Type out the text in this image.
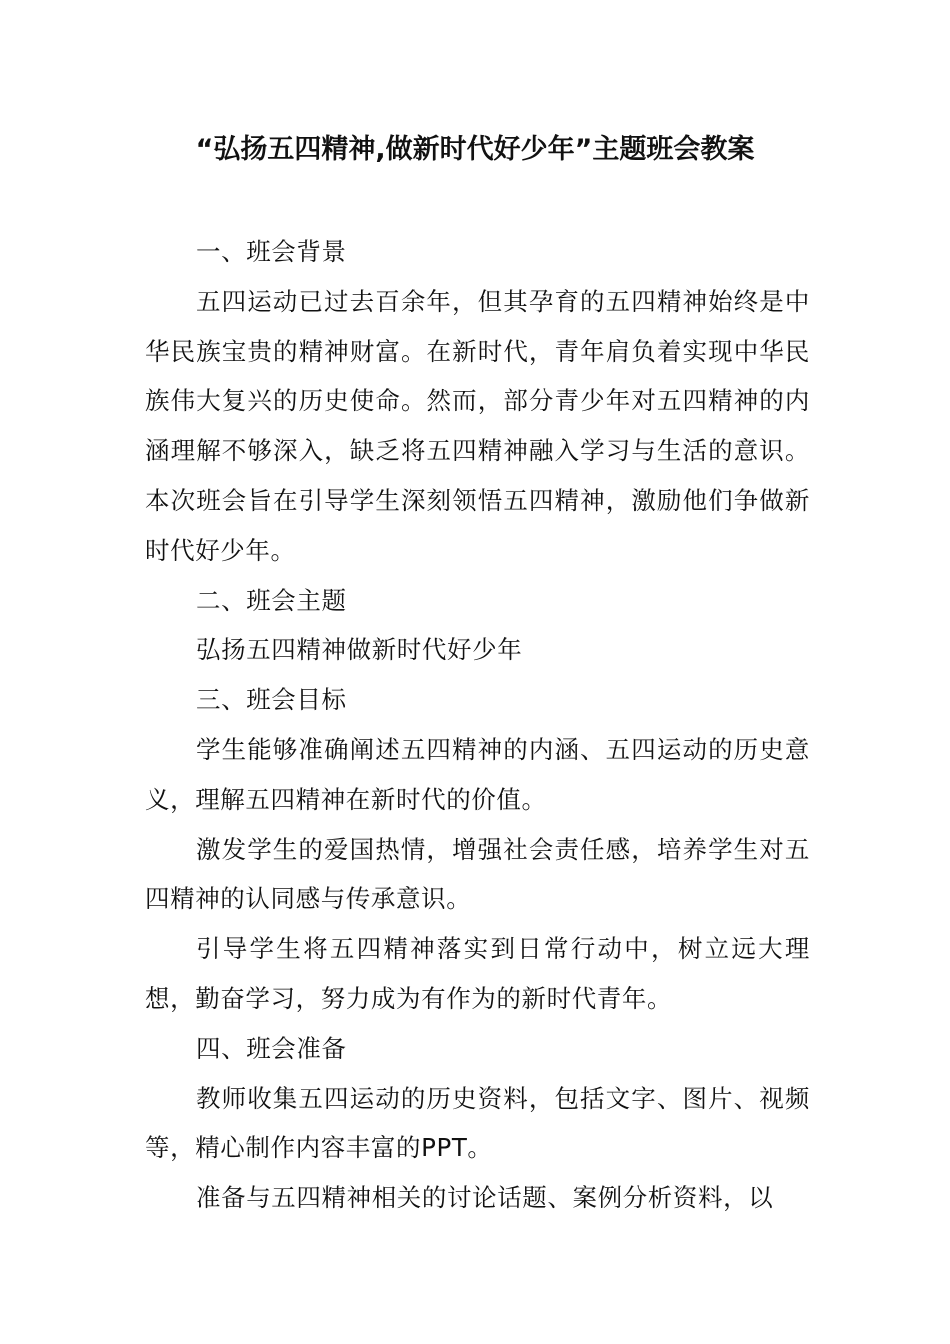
“弘扬五四精神,做新时代好少年”主题班会教案

一、班会背景

五四运动已过去百余年，但其孕育的五四精神始终是中华民族宝贵的精神财富。在新时代，青年肩负着实现中华民族伟大复兴的历史使命。然而，部分青少年对五四精神的内涵理解不够深入，缺乏将五四精神融入学习与生活的意识。本次班会旨在引导学生深刻领悟五四精神，激励他们争做新时代好少年。

二、班会主题

弘扬五四精神做新时代好少年

三、班会目标

学生能够准确阐述五四精神的内涵、五四运动的历史意义，理解五四精神在新时代的价值。

激发学生的爱国热情，增强社会责任感，培养学生对五四精神的认同感与传承意识。

引导学生将五四精神落实到日常行动中，树立远大理想，勤奋学习，努力成为有作为的新时代青年。

四、班会准备

教师收集五四运动的历史资料，包括文字、图片、视频等，精心制作内容丰富的PPT。

准备与五四精神相关的讨论话题、案例分析资料，以
